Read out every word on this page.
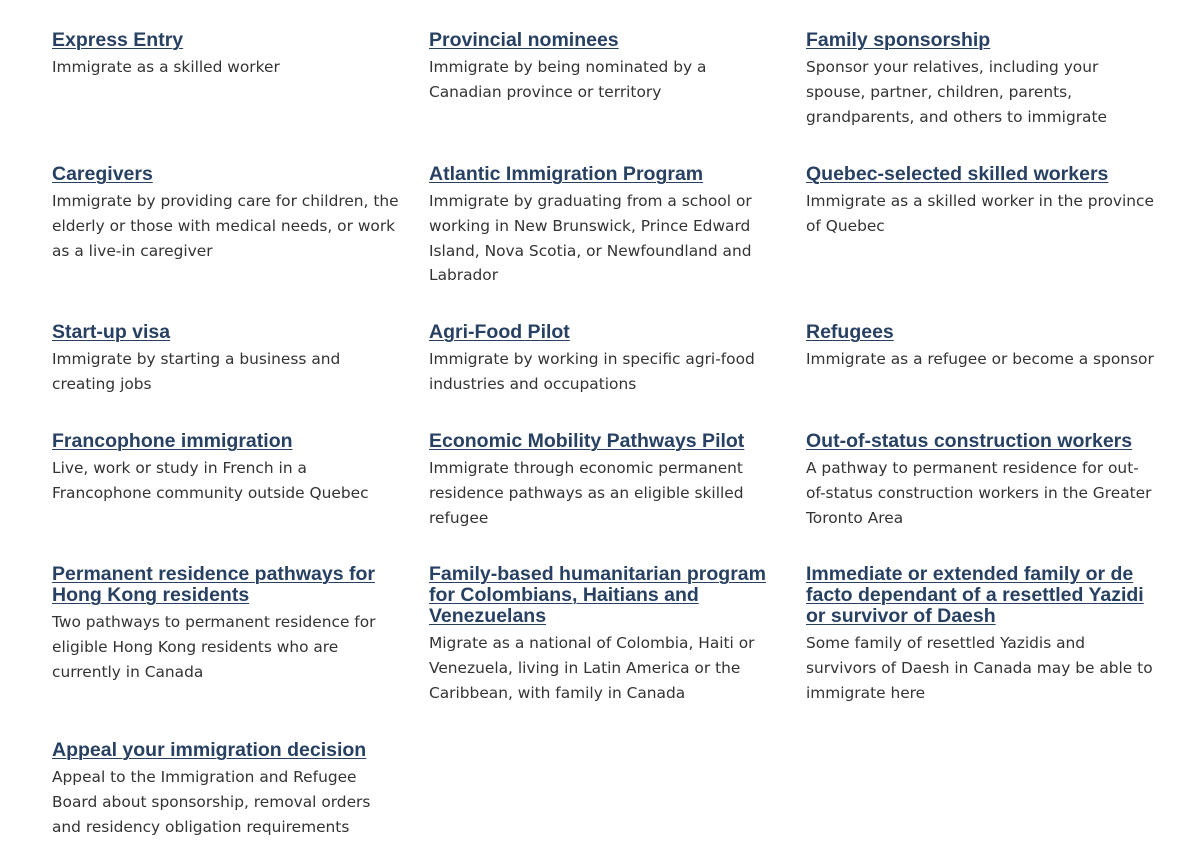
Express Entry
Immigrate as a skilled worker
Provincial nominees
Immigrate by being nominated by a Canadian province or territory
Family sponsorship
Sponsor your relatives, including your spouse, partner, children, parents, grandparents, and others to immigrate
Caregivers
Immigrate by providing care for children, the elderly or those with medical needs, or work as a live-in caregiver
Atlantic Immigration Program
Immigrate by graduating from a school or working in New Brunswick, Prince Edward Island, Nova Scotia, or Newfoundland and Labrador
Quebec-selected skilled workers
Immigrate as a skilled worker in the province of Quebec
Start-up visa
Immigrate by starting a business and creating jobs
Agri-Food Pilot
Immigrate by working in specific agri-food industries and occupations
Refugees
Immigrate as a refugee or become a sponsor
Francophone immigration
Live, work or study in French in a Francophone community outside Quebec
Economic Mobility Pathways Pilot
Immigrate through economic permanent residence pathways as an eligible skilled refugee
Out-of-status construction workers
A pathway to permanent residence for out-of-status construction workers in the Greater Toronto Area
Permanent residence pathways for Hong Kong residents
Two pathways to permanent residence for eligible Hong Kong residents who are currently in Canada
Family-based humanitarian program for Colombians, Haitians and Venezuelans
Migrate as a national of Colombia, Haiti or Venezuela, living in Latin America or the Caribbean, with family in Canada
Immediate or extended family or de facto dependant of a resettled Yazidi or survivor of Daesh
Some family of resettled Yazidis and survivors of Daesh in Canada may be able to immigrate here
Appeal your immigration decision
Appeal to the Immigration and Refugee Board about sponsorship, removal orders and residency obligation requirements
